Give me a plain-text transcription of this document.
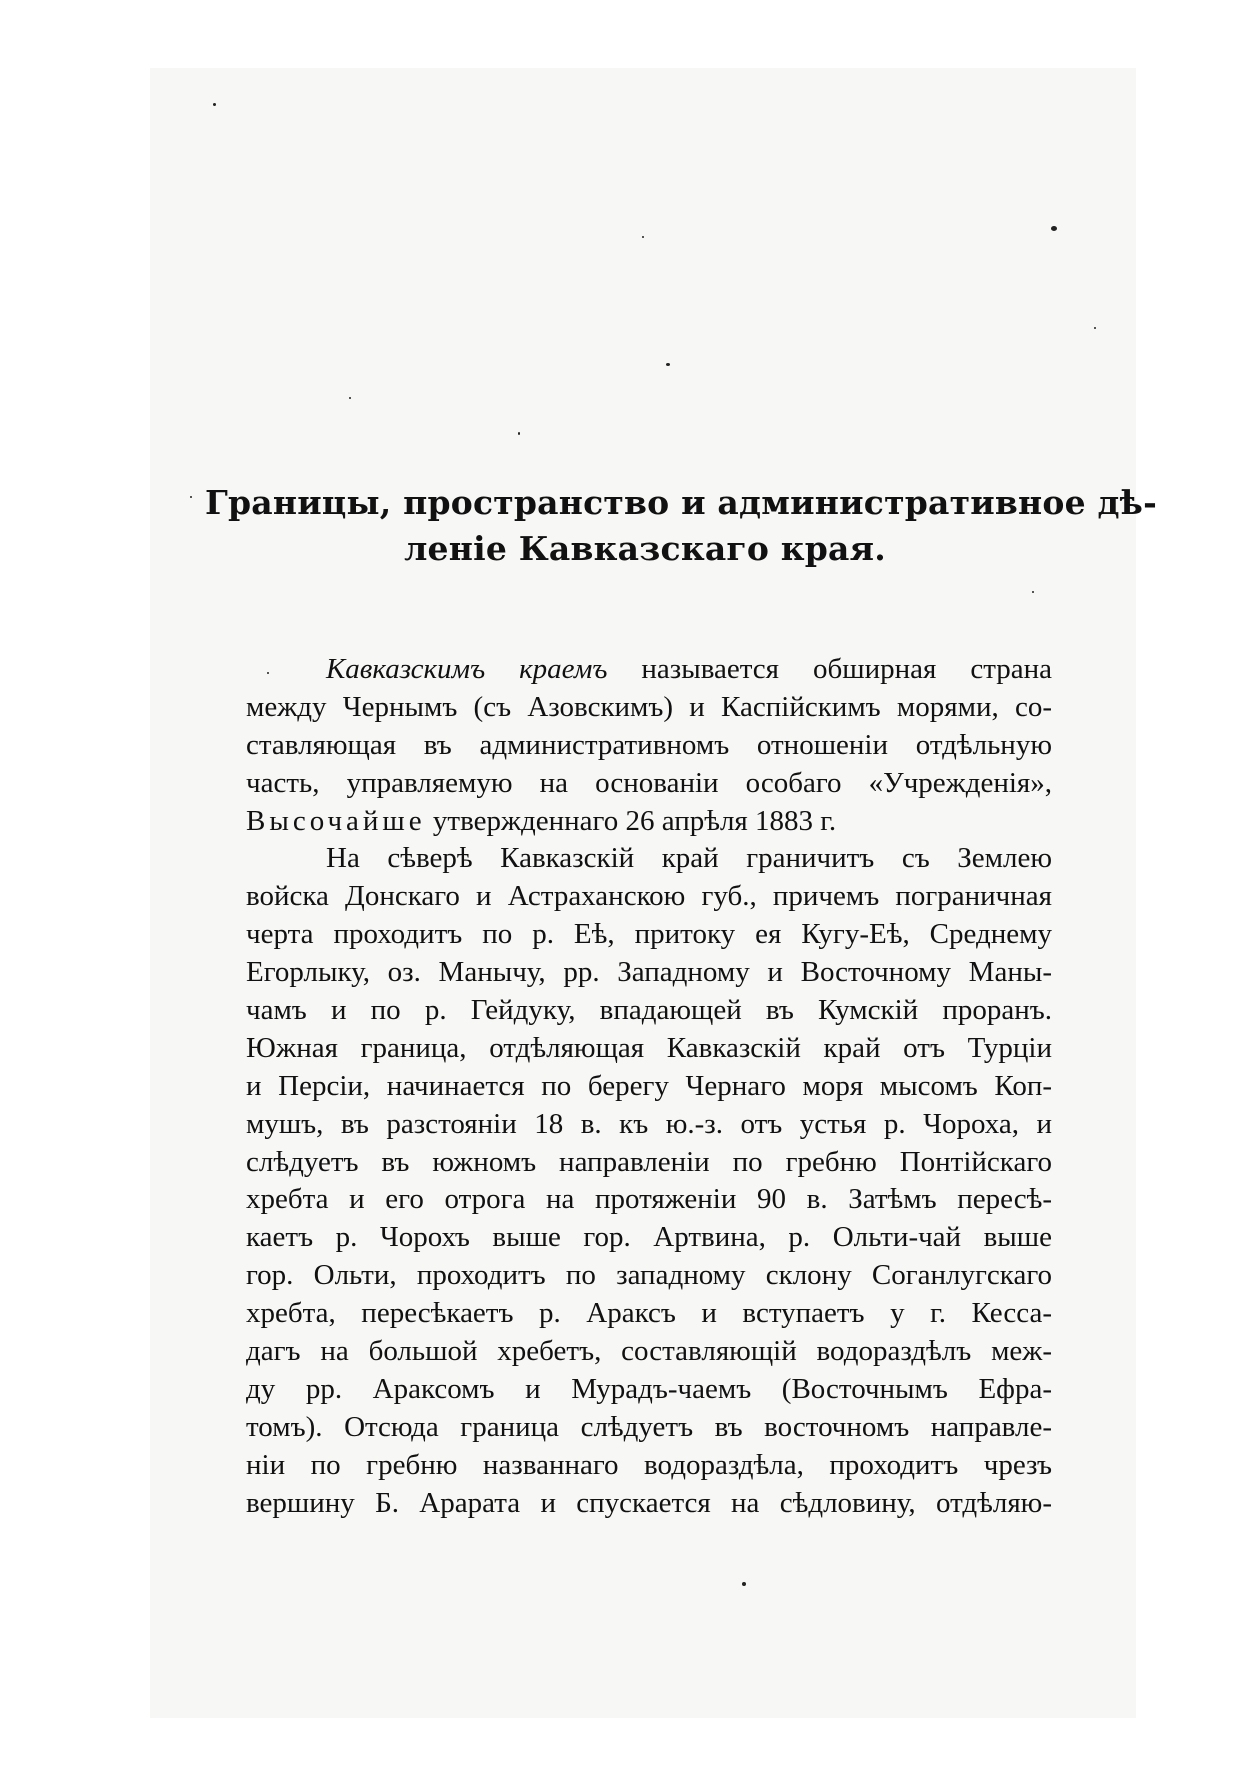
Границы, пространство и административное дѣ-
леніе Кавказскаго края.
Кавказскимъ краемъ называется обширная страна
между Чернымъ (съ Азовскимъ) и Каспійскимъ морями, со-
ставляющая въ административномъ отношеніи отдѣльную
часть, управляемую на основаніи особаго «Учрежденія»,
Высочайше утвержденнаго 26 апрѣля 1883 г.
На сѣверѣ Кавказскій край граничитъ съ Землею
войска Донскаго и Астраханскою губ., причемъ пограничная
черта проходитъ по р. Еѣ, притоку ея Кугу-Еѣ, Среднему
Егорлыку, оз. Манычу, рр. Западному и Восточному Маны-
чамъ и по р. Гейдуку, впадающей въ Кумскій проранъ.
Южная граница, отдѣляющая Кавказскій край отъ Турціи
и Персіи, начинается по берегу Чернаго моря мысомъ Коп-
мушъ, въ разстояніи 18 в. къ ю.-з. отъ устья р. Чороха, и
слѣдуетъ въ южномъ направленіи по гребню Понтійскаго
хребта и его отрога на протяженіи 90 в. Затѣмъ пересѣ-
каетъ р. Чорохъ выше гор. Артвина, р. Ольти-чай выше
гор. Ольти, проходитъ по западному склону Соганлугскаго
хребта, пересѣкаетъ р. Араксъ и вступаетъ у г. Кесса-
дагъ на большой хребетъ, составляющій водораздѣлъ меж-
ду рр. Араксомъ и Мурадъ-чаемъ (Восточнымъ Ефра-
томъ). Отсюда граница слѣдуетъ въ восточномъ направле-
ніи по гребню названнаго водораздѣла, проходитъ чрезъ
вершину Б. Арарата и спускается на сѣдловину, отдѣляю-
